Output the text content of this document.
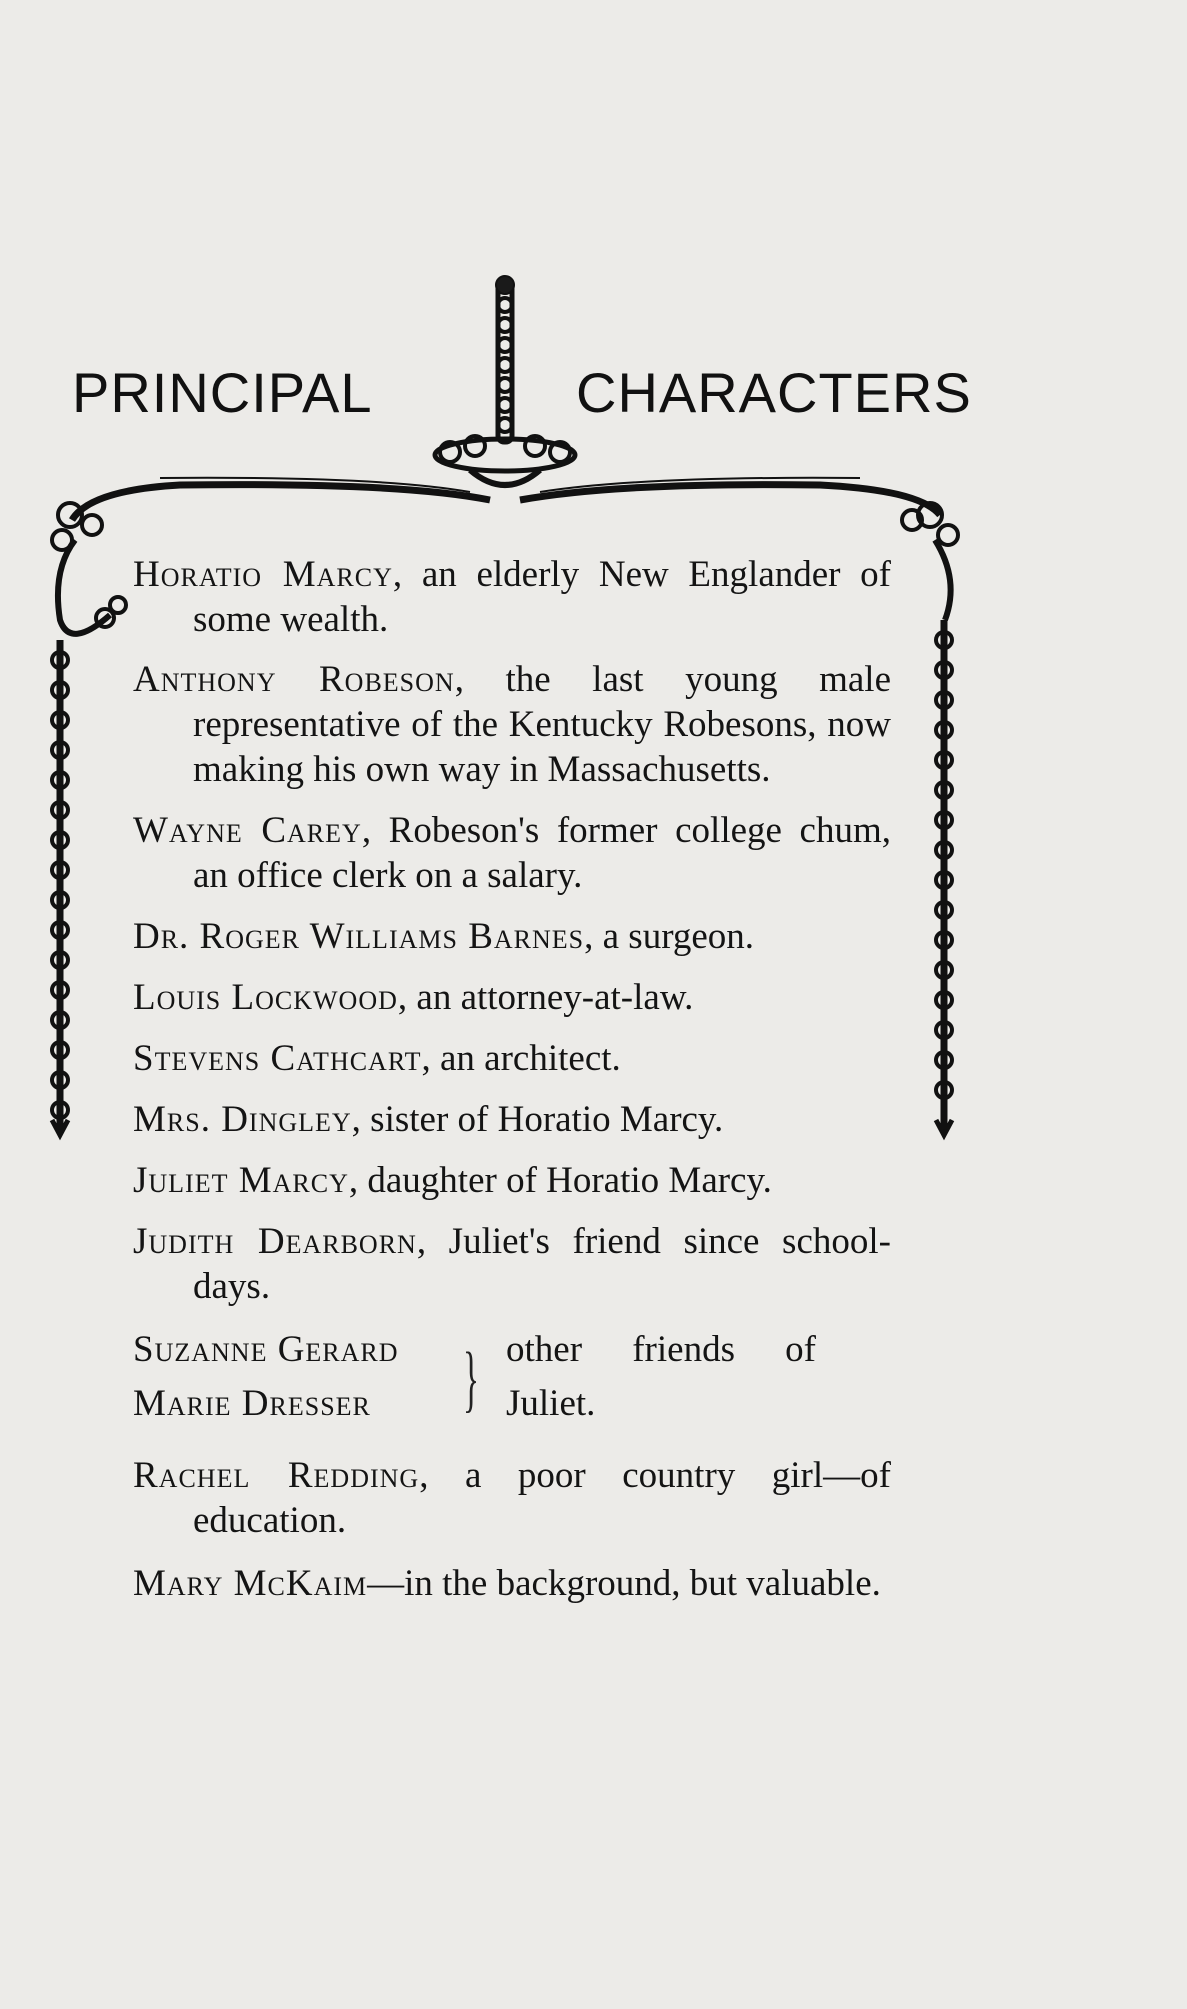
PRINCIPAL	CHARACTERS
Horatio Marcy, an elderly New Englander of some wealth.
Anthony Robeson, the last young male representative of the Kentucky Robesons, now making his own way in Massachusetts.
Wayne Carey, Robeson's former college chum, an office clerk on a salary.
Dr. Roger Williams Barnes, a surgeon.
Louis Lockwood, an attorney-at-law.
Stevens Cathcart, an architect.
Mrs. Dingley, sister of Horatio Marcy.
Juliet Marcy, daughter of Horatio Marcy.
Judith Dearborn, Juliet's friend since school-days.
Suzanne Gerard
Marie Dresser	} other friends of
Juliet.
Rachel Redding, a poor country girl—of education.
Mary McKaim—in the background, but valuable.
